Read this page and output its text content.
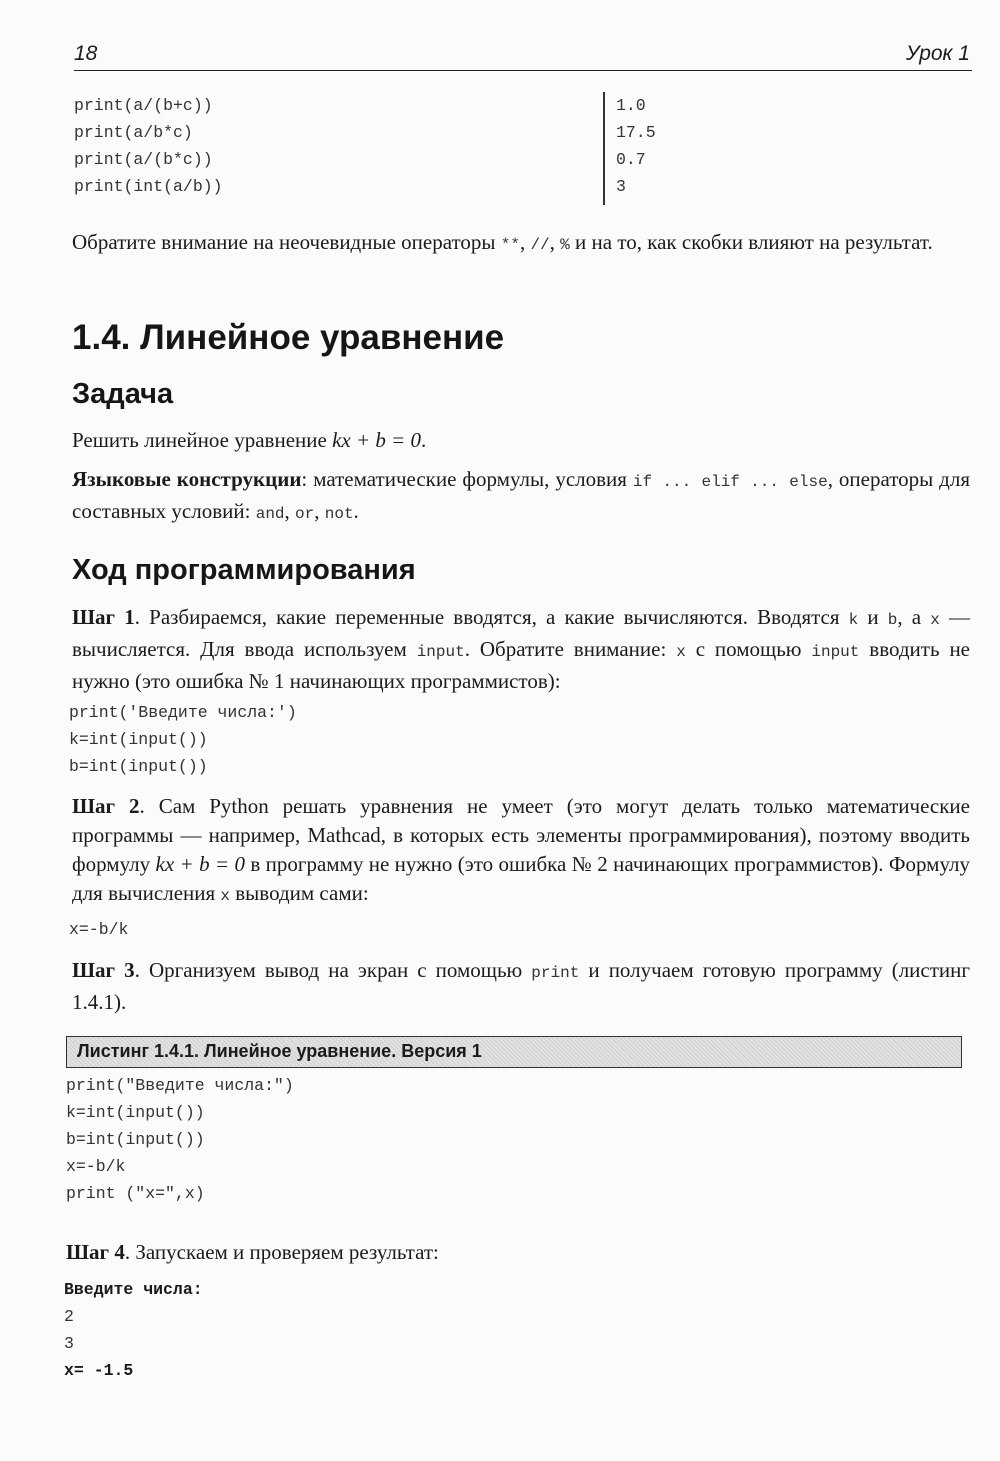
18	Урок 1
print(a/(b+c))
print(a/b*c)
print(a/(b*c))
print(int(a/b))
1.0
17.5
0.7
3
Обратите внимание на неочевидные операторы **, //, % и на то, как скобки влияют на результат.
1.4. Линейное уравнение
Задача
Решить линейное уравнение kx + b = 0.
Языковые конструкции: математические формулы, условия if ... elif ... else, операторы для составных условий: and, or, not.
Ход программирования
Шаг 1. Разбираемся, какие переменные вводятся, а какие вычисляются. Вводятся k и b, а x — вычисляется. Для ввода используем input. Обратите внимание: x с помощью input вводить не нужно (это ошибка № 1 начинающих программистов):
print('Введите числа:')
k=int(input())
b=int(input())
Шаг 2. Сам Python решать уравнения не умеет (это могут делать только математические программы — например, Mathcad, в которых есть элементы программирования), поэтому вводить формулу kx + b = 0 в программу не нужно (это ошибка № 2 начинающих программистов). Формулу для вычисления x выводим сами:
x=-b/k
Шаг 3. Организуем вывод на экран с помощью print и получаем готовую программу (листинг 1.4.1).
Листинг 1.4.1. Линейное уравнение. Версия 1
print("Введите числа:")
k=int(input())
b=int(input())
x=-b/k
print ("x=",x)
Шаг 4. Запускаем и проверяем результат:
Введите числа:
2
3
x= -1.5
